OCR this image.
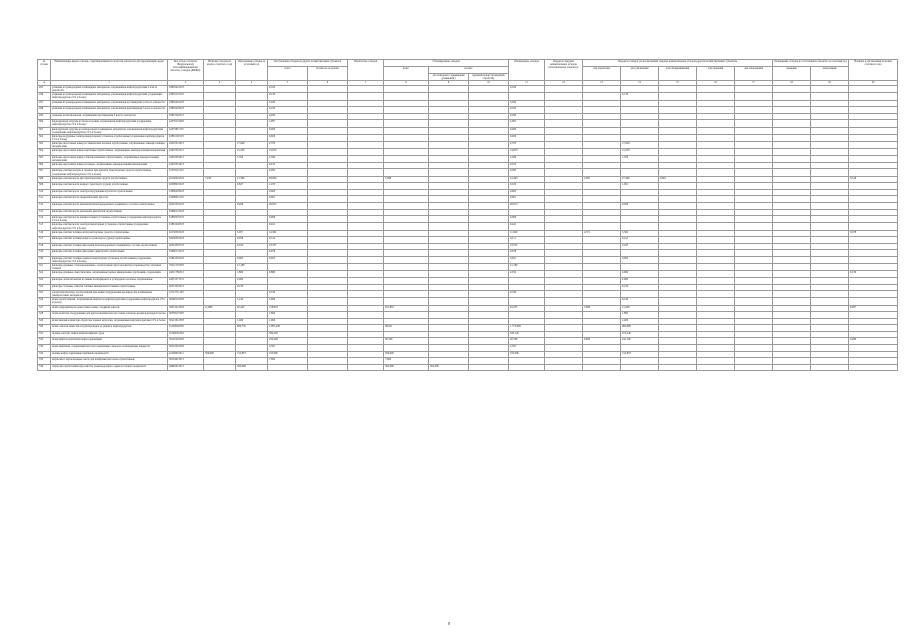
№ строки	Наименование видов отходов, сгруппированных по классам опасности для окружающей среды	Код отхода согласно Федеральному классификационному каталогу отходов (ФККО)	Наличие отходов на начало отчетного года	Образование отходов за отчетный год	Поступление отходов из других хозяйствующих субъектов		Обработано отходов	Утилизировано отходов			Обезврежено отходов	Передача твердых коммунальных отходов региональному оператору	Передача отходов (за исключением твердых коммунальных отходов) другим хозяйствующим субъектам					Размещение отходов на собственных объектах за отчетный год		Наличие в организации на конец отчетного года
					всего	из них из-за рубежа		всего	из них:				для обработки	для утилизации	для обезвреживания	для хранения	для захоронения	хранение	захоронение	
									для повторного применения (рециклинг)	предварительно прошедших обработку										
А	1	2	3	4	5	6	7	8	9	10	11	12	13	14	15	16	17	18	19	20
295	упаковка из разнородных полимерных материалов, загрязненная нефтепродуктами 3 класса опасности	43819421523			0,100						0,100									
296	упаковка из разнородных полимерных материалов, загрязненная нефтепродуктами (содержание нефтепродуктов 15% и более)	43819112523			0,130									0,130						
297	упаковка из разнородных полимерных материалов, загрязненная пестицидами 2 класса опасности	43819401523			3,020						3,020									
298	упаковка из разнородных полимерных материалов, загрязненная фунгицидами 3 класса опасности	43819423523			0,100						0,100									
299	упаковка полиэтиленовая, загрязненная пестицидами 3 класса опасности	43811922513			0,290						0,290									
300	фильтрующая загрузка из песка и гравия, загрязненная нефтепродуктами (содержание нефтепродуктов 15% и более)	44376113493			2,097						2,097									
301	фильтрующая загрузка из разнородных полимерных материалов, загрязненная нефтепродуктами (содержание нефтепродуктов 15% и более)	44372811525			0,460						0,460									
302	фильтры воздушные электрогенераторных установок отработанные (содержание нефтепродуктов 15% и более)	91861101523			0,020						0,020									
303	фильтры окрасочных камер из химических волокон отработанные, загрязненные лакокрасочными материалами	44310321613		17,640	2,370						2,370			17,640						
304	фильтры окрасочных камер картонные отработанные, загрязненные лакокрасочными материалами	44310311613		21,476	14,970						14,970			21,476						
305	фильтры окрасочных камер стекловолоконные отработанные, загрязненные лакокрасочными материалами	44310301613		1,356	2,590						2,590			1,356						
306	фильтры окрасочных камер угольные, загрязненные лакокрасочными материалами	44310351613			0,013						0,013									
307	фильтры очистки воздуха в гаражах при ремонте транспортных средств отработанные (содержание нефтепродуктов 15% и более)	91318111523			0,283						0,283									
308	фильтры очистки масла автотранспортных средств отработанные	92130201523	7,250	21,566	48,654			7,098			41,493		2,981	27,496	0,001					0,518
309	фильтры очистки масла водного транспорта (судов) отработанные	92308201523		0,827	1,233						0,019			1,061						
310	фильтры очистки масла электрооборудования агрегатов отработанные	91830203523			0,663						0,663									
311	фильтры очистки масла гидравлических прессов	91098311523			0,001						0,001									
312	фильтры очистки масла дизельной железнодорожного подвижного состава отработанные	92222301523		0,206	49,913						49,913			0,206						
313	фильтры очистки масла дизельных двигателей отработанные	91890121523																		
314	фильтры очистки масла компрессорных установок отработанные (содержание нефтепродуктов 15% и более)	91830201523			0,006						0,006									
315	фильтры очистки масла электрогенераторных установок отработанные (содержание нефтепродуктов 15% и более)	91861202523			0,441						0,441									
316	фильтры очистки топлива автотранспортных средств отработанные	92130301523		5,057	14,392						11,840		2,371	3,560						0,078
317	фильтры очистки топлива водного транспорта (судов) отработанные	92430301523		0,058	0,314						0,111			0,212						
318	фильтры очистки топлива дизельной железнодорожного подвижного состава отработанные	92222307523		0,163	23,537						23,537			0,163						
319	фильтры очистки топлива дизельных двигателей отработанные	91890131523			0,078						0,078									
320	фильтры очистки топлива электрогенераторных установок отработанные (содержание нефтепродуктов 15% и более)	91861301523		0,002	0,023						0,021			0,003						
321	фильтры рукавные стекловолоконные, отработанные при газоочистке в производстве латунных сплавов	35211271603		21,180							21,180									
322	фильтры рукавные синтетические, загрязненные пылью минеральных удобрений, содержащих	44311781613		1,800	9,880						2,034			2,600						0,130
323	фильтры сетки вагонетки на линии полиэфирного и углеродного волокон, загрязненные	44315371531		2,000										2,000						
324	фильтры стальные очистки топлива авиационной техники отработанные	92312301513		0,150										0,150						
325	хлористый метилен, отработанный при мойке оборудования производства полимерных лакокрасочных материалов	41712711103			0,530						0,530									
326	шлам отработанный, загрязненный нефтью и нефтепродуктами (содержание нефтепродуктов 15% и более)	40290101293		5,140	5,000									6,140						
327	шлам гидрофильтров окрасочных камер с водяной завесой	36351221393	11,880	62,443	158,918			201,833			94,355		3,080	21,498						8,997
328	шлам зачистки оборудования для приготовления клея на основе латексно-формальдегидной смолы	30538115393			1,800									1,800						
329	шлам механической при обработке черных металлов, загрязненный нефтепродуктами 15% и более	36121612393		1,400	1,000									2,400						
330	шлам очистки емкостей и трубопроводов от нефти и нефтепродуктов	91120002393		609,735	2 987,448			98,031			1 772,683			984,689						
331	шламы очистки танков нефтеналивных судов	91120001393			384,520						320,120			672,240						
332	шлам нефтеотделителей нефтесодержащий	36122201393			259,269			28,190			20,780		0,060	241,160						0,280
333	шлам нефтяной, содержащий металлосодержащие смазочно-охлаждающие жидкости	36122201393			2,567						2,567									
334	шламы нефтесодержащие нефтяных производств	44100001311	506,000	152,853	193,900			506,000			195,900			152,853						
335	эмульсии и эмульсионные смеси для шлифовки металлов отработанные	36104413313			7,000			7,000												
336	эмульсия отработанная при очистке углеводородного сырья и газового конденсата	40820413313		362,000				362,000	362,000											
8
